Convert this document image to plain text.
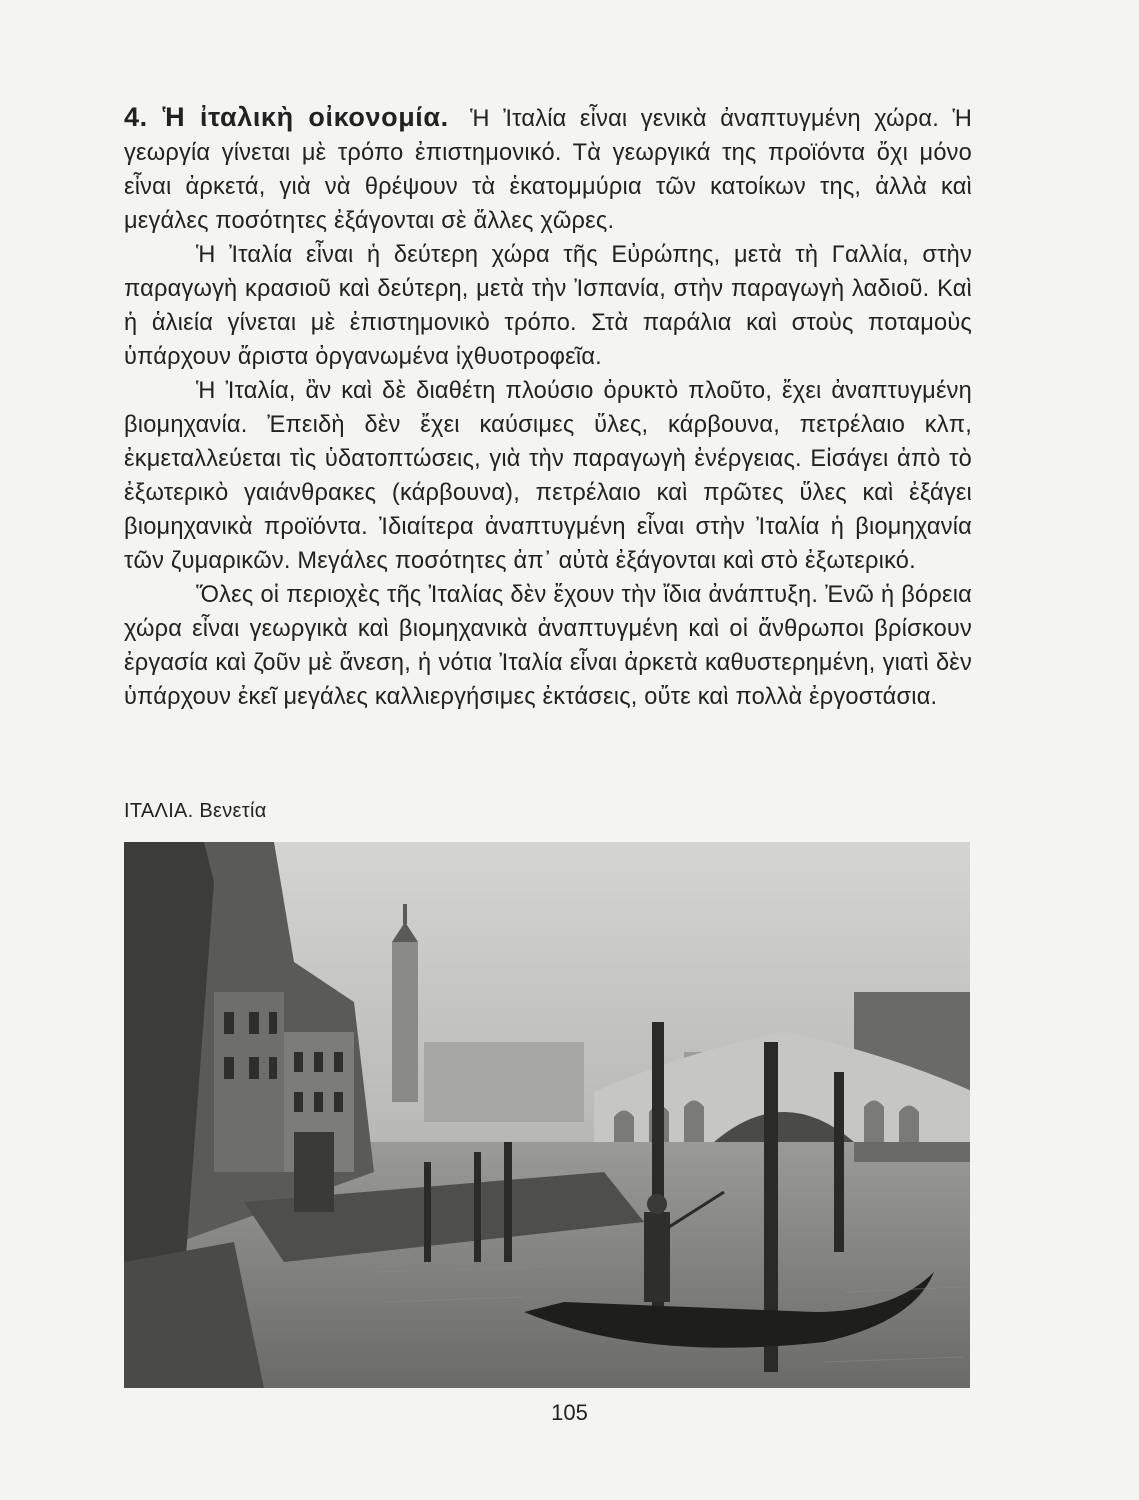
4. Ἡ ἰταλικὴ οἰκονομία. Ἡ Ἰταλία εἶναι γενικὰ ἀναπτυγμένη χώρα. Ἡ γεωργία γίνεται μὲ τρόπο ἐπιστημονικό. Τὰ γεωργικά της προϊόντα ὄχι μόνο εἶναι ἀρκετά, γιὰ νὰ θρέψουν τὰ ἑκατομμύρια τῶν κατοίκων της, ἀλλὰ καὶ μεγάλες ποσότητες ἐξάγονται σὲ ἄλλες χῶρες.

Ἡ Ἰταλία εἶναι ἡ δεύτερη χώρα τῆς Εὐρώπης, μετὰ τὴ Γαλλία, στὴν παραγωγὴ κρασιοῦ καὶ δεύτερη, μετὰ τὴν Ἰσπανία, στὴν παραγωγὴ λαδιοῦ. Καὶ ἡ ἁλιεία γίνεται μὲ ἐπιστημονικὸ τρόπο. Στὰ παράλια καὶ στοὺς ποταμοὺς ὑπάρχουν ἄριστα ὀργανωμένα ἰχθυοτροφεῖα.

Ἡ Ἰταλία, ἂν καὶ δὲ διαθέτη πλούσιο ὀρυκτὸ πλοῦτο, ἔχει ἀναπτυγμένη βιομηχανία. Ἐπειδὴ δὲν ἔχει καύσιμες ὕλες, κάρβουνα, πετρέλαιο κλπ, ἐκμεταλλεύεται τὶς ὑδατοπτώσεις, γιὰ τὴν παραγωγὴ ἐνέργειας. Εἰσάγει ἀπὸ τὸ ἐξωτερικὸ γαιάνθρακες (κάρβουνα), πετρέλαιο καὶ πρῶτες ὕλες καὶ ἐξάγει βιομηχανικὰ προϊόντα. Ἰδιαίτερα ἀναπτυγμένη εἶναι στὴν Ἰταλία ἡ βιομηχανία τῶν ζυμαρικῶν. Μεγάλες ποσότητες ἀπ᾿ αὐτὰ ἐξάγονται καὶ στὸ ἐξωτερικό.

Ὅλες οἱ περιοχὲς τῆς Ἰταλίας δὲν ἔχουν τὴν ἴδια ἀνάπτυξη. Ἐνῶ ἡ βόρεια χώρα εἶναι γεωργικὰ καὶ βιομηχανικὰ ἀναπτυγμένη καὶ οἱ ἄνθρωποι βρίσκουν ἐργασία καὶ ζοῦν μὲ ἄνεση, ἡ νότια Ἰταλία εἶναι ἀρκετὰ καθυστερημένη, γιατὶ δὲν ὑπάρχουν ἐκεῖ μεγάλες καλλιεργήσιμες ἐκτάσεις, οὔτε καὶ πολλὰ ἐργοστάσια.

ΙΤΑΛΙΑ. Βενετία
105
